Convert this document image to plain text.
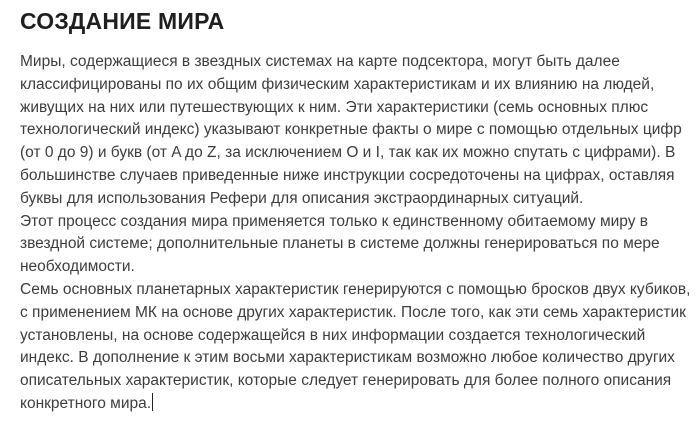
СОЗДАНИЕ МИРА

Миры, содержащиеся в звездных системах на карте подсектора, могут быть далее классифицированы по их общим физическим характеристикам и их влиянию на людей, живущих на них или путешествующих к ним. Эти характеристики (семь основных плюс технологический индекс) указывают конкретные факты о мире с помощью отдельных цифр (от 0 до 9) и букв (от A до Z, за исключением O и I, так как их можно спутать с цифрами). В большинстве случаев приведенные ниже инструкции сосредоточены на цифрах, оставляя буквы для использования Рефери для описания экстраординарных ситуаций.

Этот процесс создания мира применяется только к единственному обитаемому миру в звездной системе; дополнительные планеты в системе должны генерироваться по мере необходимости.

Семь основных планетарных характеристик генерируются с помощью бросков двух кубиков, с применением МК на основе других характеристик. После того, как эти семь характеристик установлены, на основе содержащейся в них информации создается технологический индекс. В дополнение к этим восьми характеристикам возможно любое количество других описательных характеристик, которые следует генерировать для более полного описания конкретного мира.
